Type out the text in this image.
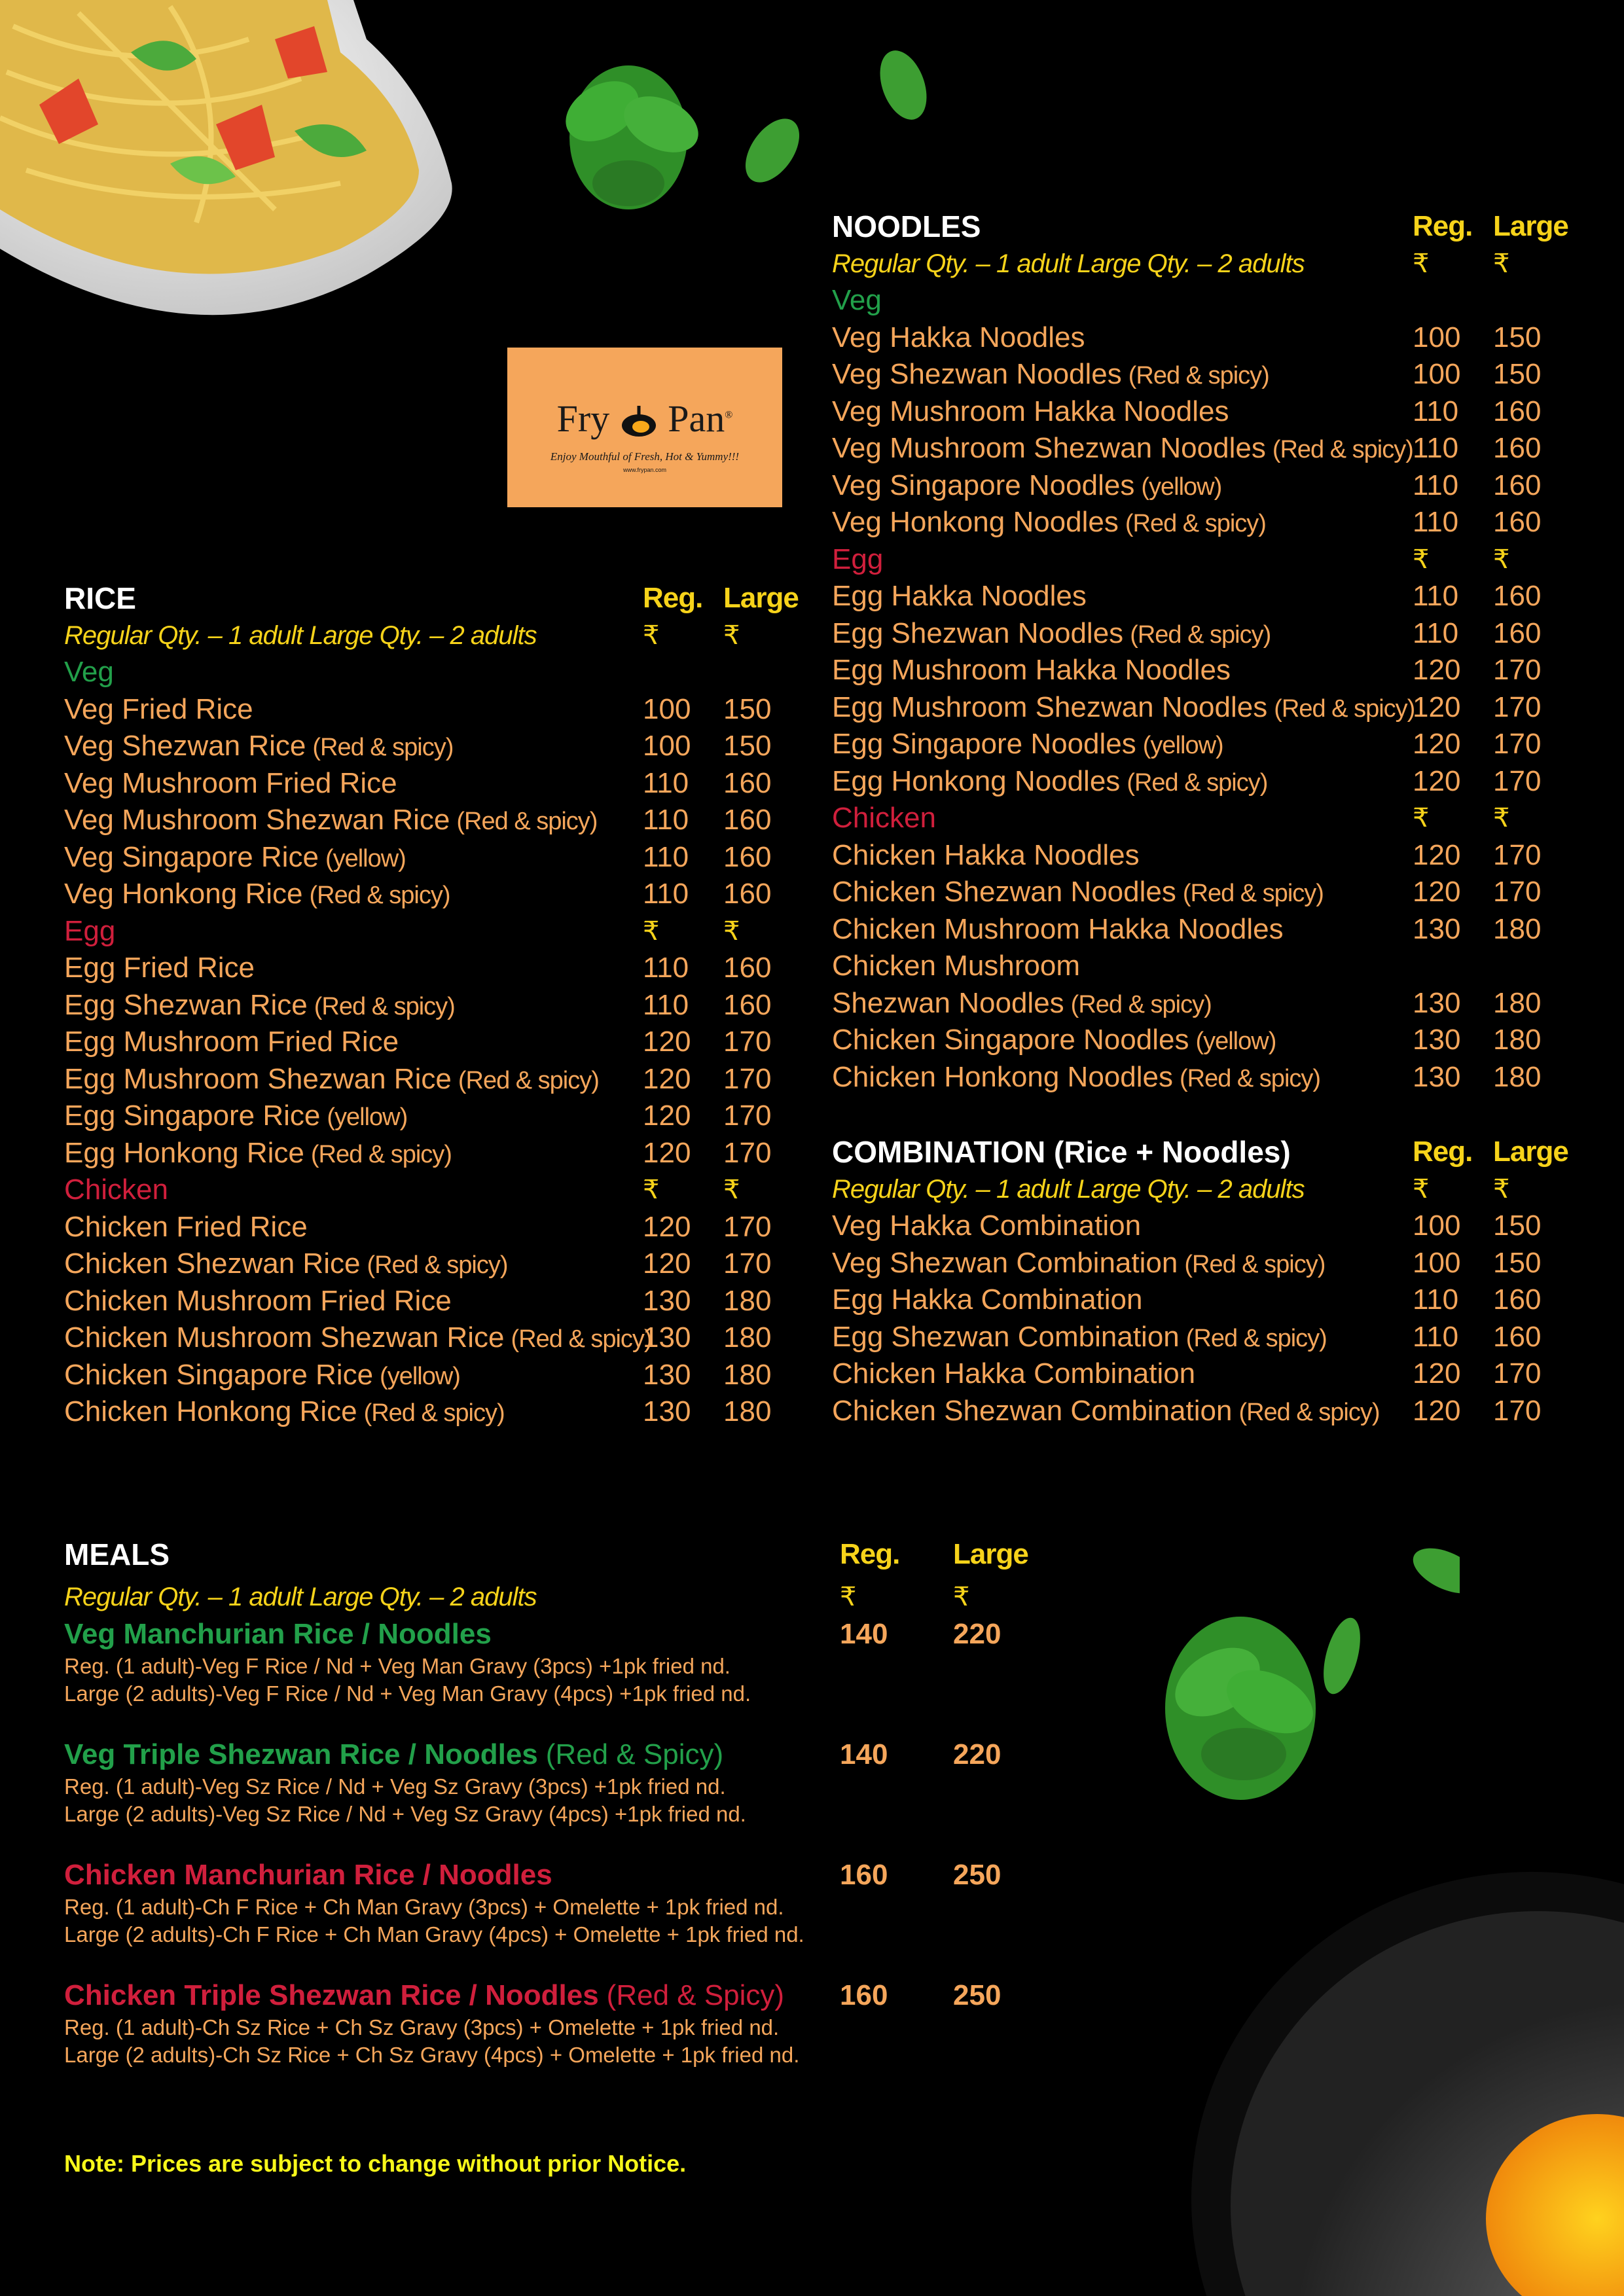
Fry Pan®
Enjoy Mouthful of Fresh, Hot & Yummy!!!
www.frypan.com
RICE	Reg. Large
Regular Qty. – 1 adult Large Qty. – 2 adults	₹ ₹
Veg
Veg Fried Rice	100 150
Veg Shezwan Rice (Red & spicy)	100 150
Veg Mushroom Fried Rice	110 160
Veg Mushroom Shezwan Rice (Red & spicy) 110 160
Veg Singapore Rice (yellow)	110 160
Veg Honkong Rice (Red & spicy)	110 160
Egg	₹ ₹
Egg Fried Rice	110 160
Egg Shezwan Rice (Red & spicy)	110 160
Egg Mushroom Fried Rice	120 170
Egg Mushroom Shezwan Rice (Red & spicy) 120 170
Egg Singapore Rice (yellow)	120 170
Egg Honkong Rice (Red & spicy)	120 170
Chicken	₹ ₹
Chicken Fried Rice	120 170
Chicken Shezwan Rice (Red & spicy)	120 170
Chicken Mushroom Fried Rice	130 180
Chicken Mushroom Shezwan Rice (Red & spicy)
130 180
Chicken Singapore Rice (yellow)	130 180
Chicken Honkong Rice (Red & spicy)	130 180
NOODLES	Reg. Large
Regular Qty. – 1 adult Large Qty. – 2 adults	₹ ₹
Veg
Veg Hakka Noodles	100 150
Veg Shezwan Noodles (Red & spicy)	100 150
Veg Mushroom Hakka Noodles	110 160
Veg Mushroom Shezwan Noodles (Red & spicy) 110 160
Veg Singapore Noodles (yellow)	110 160
Veg Honkong Noodles (Red & spicy)	110 160
Egg	₹ ₹
Egg Hakka Noodles	110 160
Egg Shezwan Noodles (Red & spicy)	110 160
Egg Mushroom Hakka Noodles	120 170
Egg Mushroom Shezwan Noodles (Red & spicy)
120 170
Egg Singapore Noodles (yellow)	120 170
Egg Honkong Noodles (Red & spicy)	120 170
Chicken	₹ ₹
Chicken Hakka Noodles	120 170
Chicken Shezwan Noodles (Red & spicy)	120 170
Chicken Mushroom Hakka Noodles	130 180
Chicken Mushroom
Shezwan Noodles (Red & spicy)	130 180
Chicken Singapore Noodles (yellow)	130 180
Chicken Honkong Noodles (Red & spicy)	130 180
COMBINATION (Rice + Noodles)	Reg. Large
Regular Qty. – 1 adult Large Qty. – 2 adults	₹ ₹
Veg Hakka Combination	100 150
Veg Shezwan Combination (Red & spicy)	100 150
Egg Hakka Combination	110 160
Egg Shezwan Combination (Red & spicy)	110 160
Chicken Hakka Combination	120 170
Chicken Shezwan Combination (Red & spicy) 120 170
MEALS	Reg. Large
Regular Qty. – 1 adult Large Qty. – 2 adults	₹	₹
Veg Manchurian Rice / Noodles	140 220
Reg. (1 adult)-Veg F Rice / Nd + Veg Man Gravy (3pcs) +1pk fried nd.
Large (2 adults)-Veg F Rice / Nd + Veg Man Gravy (4pcs) +1pk fried nd.
Veg Triple Shezwan Rice / Noodles (Red & Spicy)	140 220
Reg. (1 adult)-Veg Sz Rice / Nd + Veg Sz Gravy (3pcs) +1pk fried nd.
Large (2 adults)-Veg Sz Rice / Nd + Veg Sz Gravy (4pcs) +1pk fried nd.
Chicken Manchurian Rice / Noodles	160 250
Reg. (1 adult)-Ch F Rice + Ch Man Gravy (3pcs) + Omelette + 1pk fried nd.
Large (2 adults)-Ch F Rice + Ch Man Gravy (4pcs) + Omelette + 1pk fried nd.
Chicken Triple Shezwan Rice / Noodles (Red & Spicy) 160 250
Reg. (1 adult)-Ch Sz Rice + Ch Sz Gravy (3pcs) + Omelette + 1pk fried nd.
Large (2 adults)-Ch Sz Rice + Ch Sz Gravy (4pcs) + Omelette + 1pk fried nd.
Note: Prices are subject to change without prior Notice.
